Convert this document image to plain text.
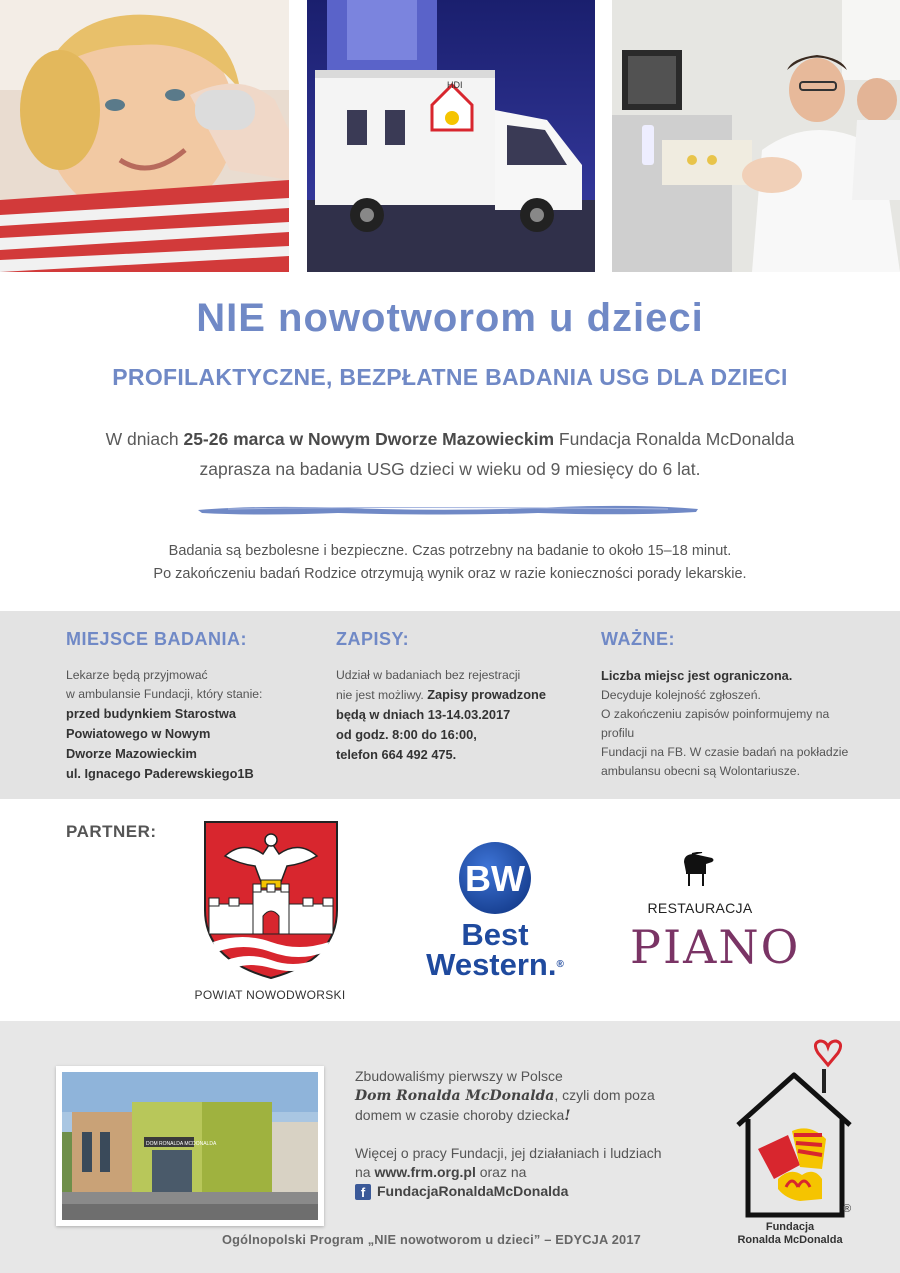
HDI
NIE nowotworom u dzieci
PROFILAKTYCZNE, BEZPŁATNE BADANIA USG DLA DZIECI
W dniach 25-26 marca w Nowym Dworze Mazowieckim Fundacja Ronalda McDonalda
zaprasza na badania USG dzieci w wieku od 9 miesięcy do 6 lat.
Badania są bezbolesne i bezpieczne. Czas potrzebny na badanie to około 15–18 minut.
Po zakończeniu badań Rodzice otrzymują wynik oraz w razie konieczności porady lekarskie.
MIEJSCE BADANIA:

Lekarze będą przyjmować
w ambulansie Fundacji, który stanie:
przed budynkiem Starostwa
Powiatowego w Nowym
Dworze Mazowieckim
ul. Ignacego Paderewskiego1B

ZAPISY:

Udział w badaniach bez rejestracji
nie jest możliwy. Zapisy prowadzone
będą w dniach 13-14.03.2017
od godz. 8:00 do 16:00,
telefon 664 492 475.

WAŻNE:

Liczba miejsc jest ograniczona.
Decyduje kolejność zgłoszeń.
O zakończeniu zapisów poinformujemy na profilu
Fundacji na FB. W czasie badań na pokładzie
ambulansu obecni są Wolontariusze.

PARTNER:
POWIAT NOWODWORSKI
BW
Best
Western.®
RESTAURACJA
PIANO
DOM RONALDA MCDONALDA
Zbudowaliśmy pierwszy w Polsce
Dom Ronalda McDonalda, czyli dom poza
domem w czasie choroby dziecka!
Więcej o pracy Fundacji, jej działaniach i ludziach
na www.frm.org.pl oraz na
f FundacjaRonaldaMcDonalda
Ogólnopolski Program „NIE nowotworom u dzieci” – EDYCJA 2017
®
Fundacja
Ronalda McDonalda
